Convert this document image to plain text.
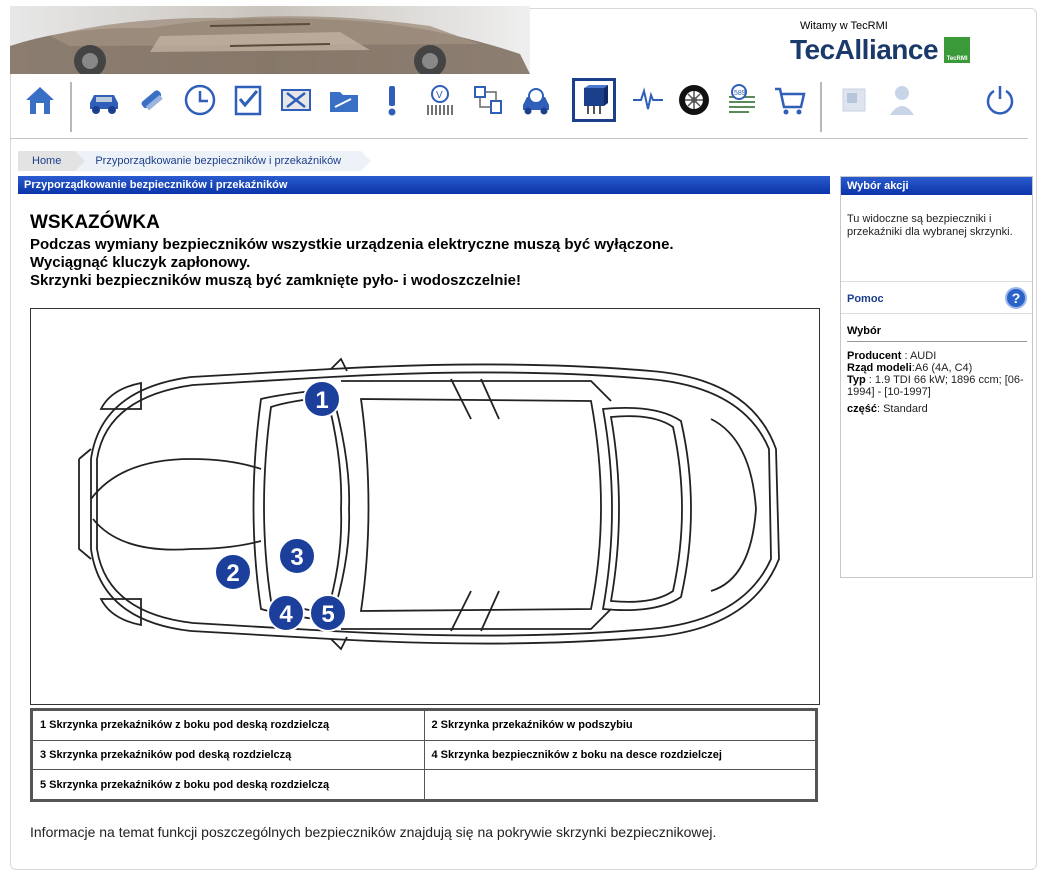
Witamy w TecRMI
TecAlliance TecRMI
V	589
Home	Przyporządkowanie bezpieczników i przekaźników
Przyporządkowanie bezpieczników i przekaźników
WSKAZÓWKA
Podczas wymiany bezpieczników wszystkie urządzenia elektryczne muszą być wyłączone.
Wyciągnąć kluczyk zapłonowy.
Skrzynki bezpieczników muszą być zamknięte pyło- i wodoszczelnie!
1
2
3
4 5
1 Skrzynka przekaźników z boku pod deską rozdzielczą	2 Skrzynka przekaźników w podszybiu
3 Skrzynka przekaźników pod deską rozdzielczą	4 Skrzynka bezpieczników z boku na desce rozdzielczej
5 Skrzynka przekaźników z boku pod deską rozdzielczą	
Informacje na temat funkcji poszczególnych bezpieczników znajdują się na pokrywie skrzynki bezpiecznikowej.
Wybór akcji
Tu widoczne są bezpieczniki i przekaźniki dla wybranej skrzynki.
Pomoc	?
Wybór
Producent : AUDI
Rząd modeli:A6 (4A, C4)
Typ : 1.9 TDI 66 kW; 1896 ccm; [06-1994] - [10-1997]
część: Standard
